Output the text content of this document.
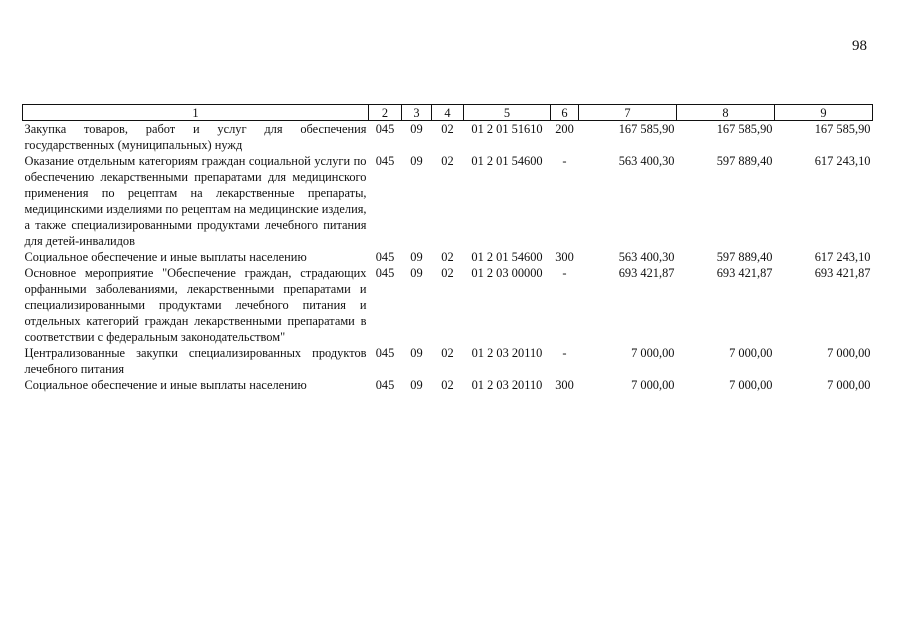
98
1	2	3	4	5	6	7	8	9
Закупка товаров, работ и услуг для обеспечения государственных (муниципальных) нужд	045	09	02	01 2 01 51610	200	167 585,90	167 585,90	167 585,90
Оказание отдельным категориям граждан социальной услуги по обеспечению лекарственными препаратами для медицинского применения по рецептам на лекарственные препараты, медицинскими изделиями по рецептам на медицинские изделия, а также специализированными продуктами лечебного питания для детей-инвалидов	045	09	02	01 2 01 54600	-	563 400,30	597 889,40	617 243,10
Социальное обеспечение и иные выплаты населению	045	09	02	01 2 01 54600	300	563 400,30	597 889,40	617 243,10
Основное мероприятие "Обеспечение граждан, страдающих орфанными заболеваниями, лекарственными препаратами и специализированными продуктами лечебного питания и отдельных категорий граждан лекарственными препаратами в соответствии с федеральным законодательством"	045	09	02	01 2 03 00000	-	693 421,87	693 421,87	693 421,87
Централизованные закупки специализированных продуктов лечебного питания	045	09	02	01 2 03 20110	-	7 000,00	7 000,00	7 000,00
Социальное обеспечение и иные выплаты населению	045	09	02	01 2 03 20110	300	7 000,00	7 000,00	7 000,00
